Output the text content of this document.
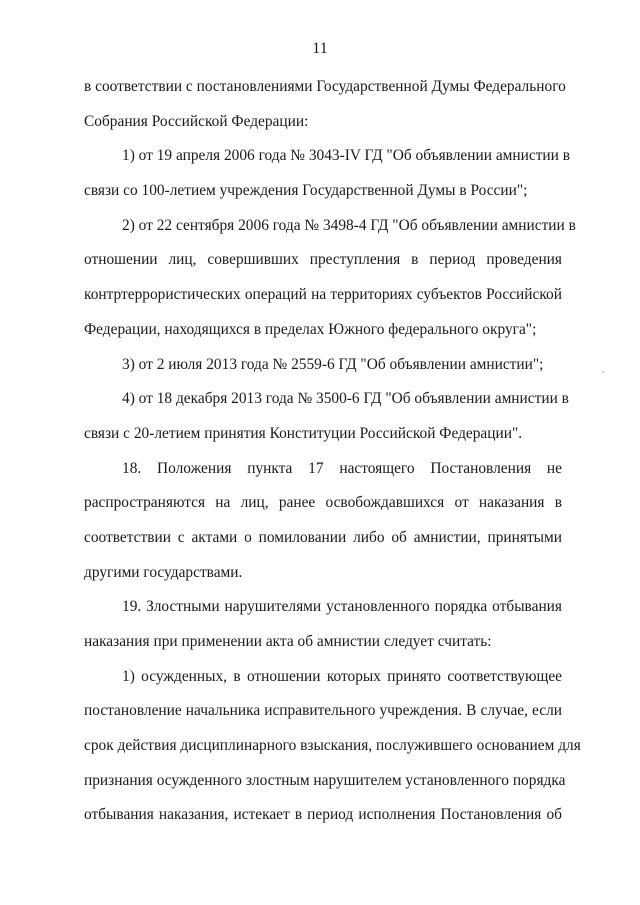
11
в соответствии с постановлениями Государственной Думы Федерального
Собрания Российской Федерации:
1) от 19 апреля 2006 года № 3043-IV ГД "Об объявлении амнистии в
связи со 100-летием учреждения Государственной Думы в России";
2) от 22 сентября 2006 года № 3498-4 ГД "Об объявлении амнистии в
отношении лиц, совершивших преступления в период проведения
контртеррористических операций на территориях субъектов Российской
Федерации, находящихся в пределах Южного федерального округа";
3) от 2 июля 2013 года № 2559-6 ГД "Об объявлении амнистии";
4) от 18 декабря 2013 года № 3500-6 ГД "Об объявлении амнистии в
связи с 20-летием принятия Конституции Российской Федерации".
18. Положения пункта 17 настоящего Постановления не
распространяются на лиц, ранее освобождавшихся от наказания в
соответствии с актами о помиловании либо об амнистии, принятыми
другими государствами.
19. Злостными нарушителями установленного порядка отбывания
наказания при применении акта об амнистии следует считать:
1) осужденных, в отношении которых принято соответствующее
постановление начальника исправительного учреждения. В случае, если
срок действия дисциплинарного взыскания, послужившего основанием для
признания осужденного злостным нарушителем установленного порядка
отбывания наказания, истекает в период исполнения Постановления об
